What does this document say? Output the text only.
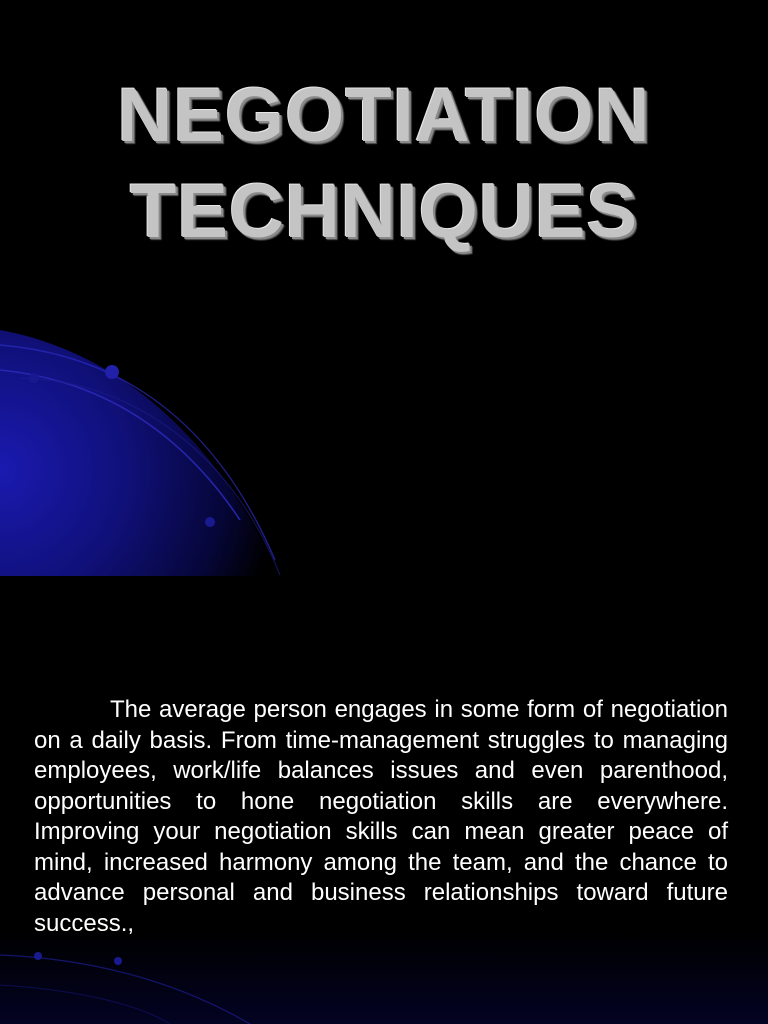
NEGOTIATION
TECHNIQUES

The average person engages in some form of negotiation on a daily basis. From time-management struggles to managing employees, work/life balances issues and even parenthood, opportunities to hone negotiation skills are everywhere. Improving your negotiation skills can mean greater peace of mind, increased harmony among the team, and the chance to advance personal and business relationships toward future success.,
